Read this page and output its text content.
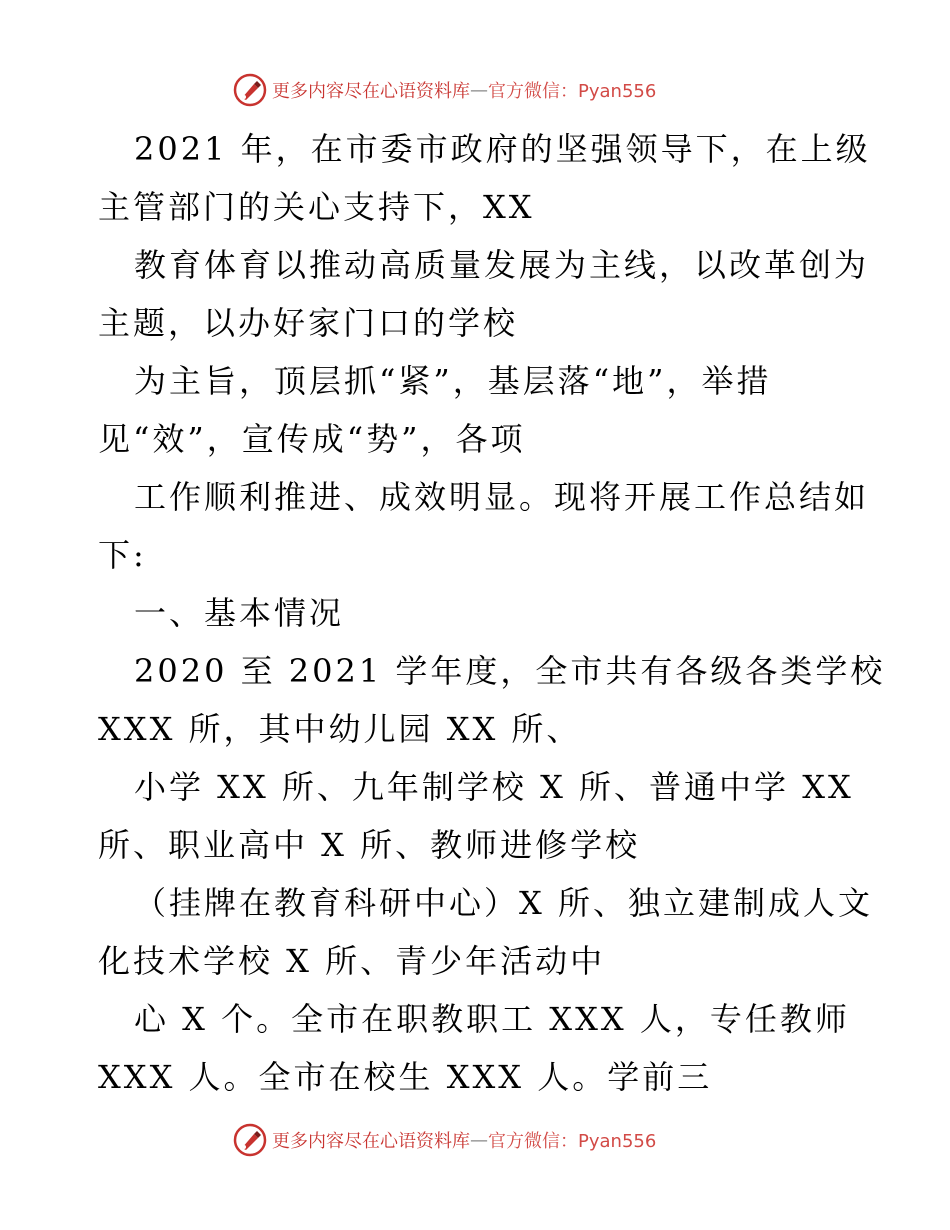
更多内容尽在心语资料库 — 官方微信：Pyan556
2021 年，在市委市政府的坚强领导下，在上级
主管部门的关心支持下，XX
教育体育以推动高质量发展为主线，以改革创为
主题，以办好家门口的学校
为主旨，顶层抓“紧”，基层落“地”，举措
见“效”，宣传成“势”，各项
工作顺利推进、成效明显。现将开展工作总结如
下:
一、基本情况
2020 至 2021 学年度，全市共有各级各类学校
XXX 所，其中幼儿园 XX 所、
小学 XX 所、九年制学校 X 所、普通中学 XX
所、职业高中 X 所、教师进修学校
（挂牌在教育科研中心）X 所、独立建制成人文
化技术学校 X 所、青少年活动中
心 X 个。全市在职教职工 XXX 人，专任教师
XXX 人。全市在校生 XXX 人。学前三
更多内容尽在心语资料库 — 官方微信：Pyan556
